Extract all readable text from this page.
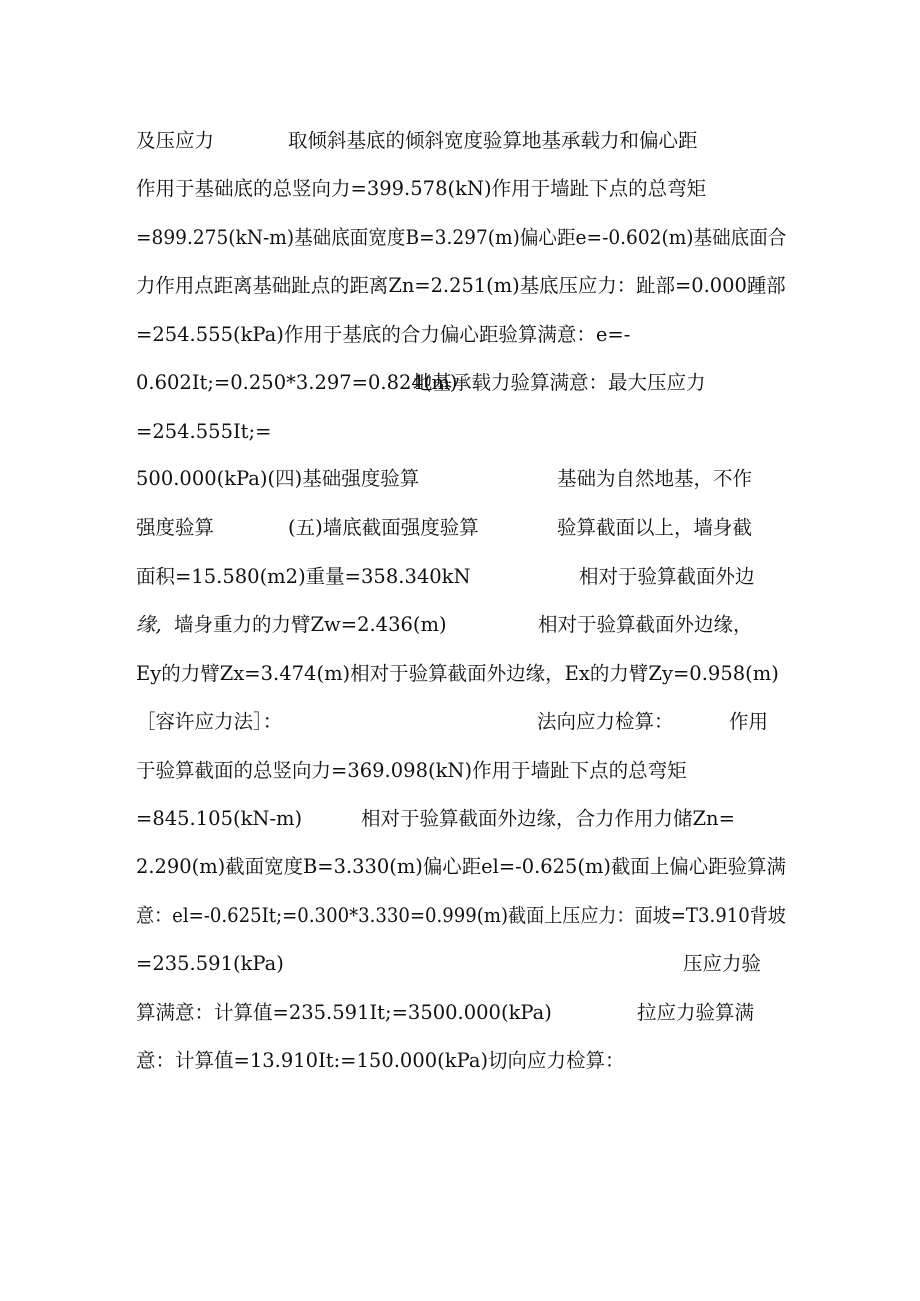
及压应力	取倾斜基底的倾斜宽度验算地基承载力和偏心距
作用于基础底的总竖向力=399.578(kN)作用于墙趾下点的总弯矩
=899.275(kN-m)基础底面宽度B=3.297(m)偏心距e=-0.602(m)基础底面合
力作用点距离基础趾点的距离Zn=2.251(m)基底压应力：趾部=0.000踵部
=254.555(kPa)作用于基底的合力偏心距验算满意：e=-
0.602It;=0.250*3.297=0.824(m)
地基承载力验算满意：最大压应力
=254.555It;=
500.000(kPa)(四)基础强度验算	基础为自然地基，不作
强度验算	(五)墙底截面强度验算	验算截面以上，墙身截
面积=15.580(m2)重量=358.340kN	相对于验算截面外边
缘, 墙身重力的力臂Zw=2.436(m)	相对于验算截面外边缘，
Ey的力臂Zx=3.474(m)相对于验算截面外边缘，Ex的力臂Zy=0.958(m)
［容许应力法］：	法向应力检算：	作用
于验算截面的总竖向力=369.098(kN)作用于墙趾下点的总弯矩
=845.105(kN-m)	相对于验算截面外边缘，合力作用力储Zn=
2.290(m)截面宽度B=3.330(m)偏心距el=-0.625(m)截面上偏心距验算满
意：el=-0.625It;=0.300*3.330=0.999(m)截面上压应力：面坡=T3.910背坡
=235.591(kPa)	压应力验
算满意：计算值=235.591It;=3500.000(kPa)	拉应力验算满
意：计算值=13.910It:=150.000(kPa)切向应力检算：
